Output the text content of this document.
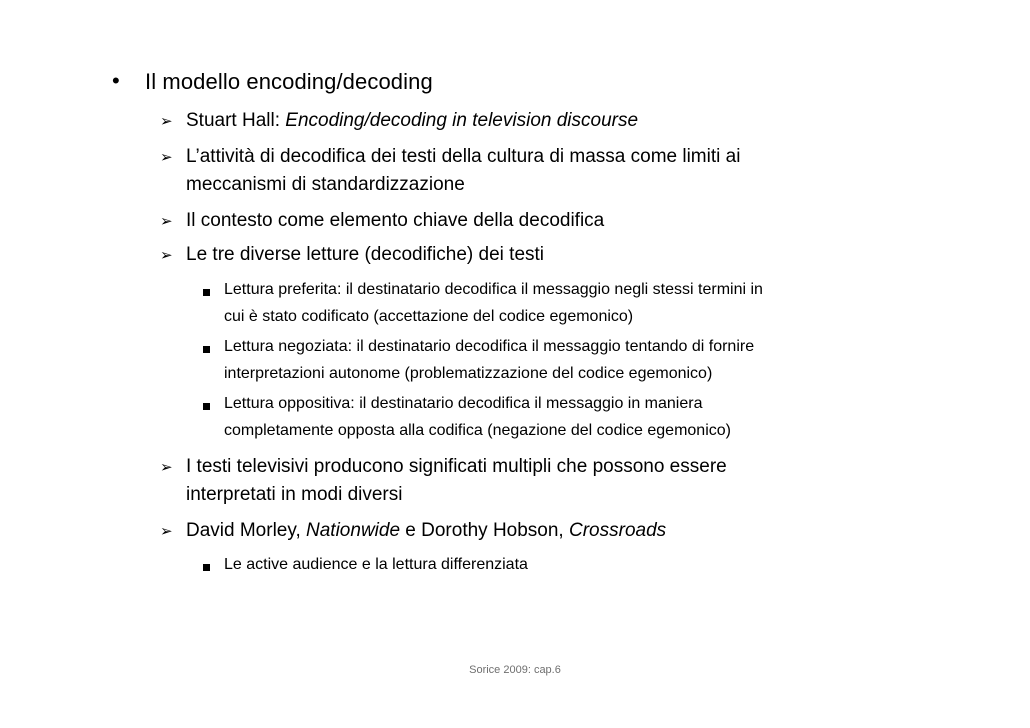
• Il modello encoding/decoding
➢ Stuart Hall: Encoding/decoding in television discourse
➢ L’attività di decodifica dei testi della cultura di massa come limiti ai
meccanismi di standardizzazione
➢ Il contesto come elemento chiave della decodifica
➢ Le tre diverse letture (decodifiche) dei testi
Lettura preferita: il destinatario decodifica il messaggio negli stessi termini in
cui è stato codificato (accettazione del codice egemonico)
Lettura negoziata: il destinatario decodifica il messaggio tentando di fornire
interpretazioni autonome (problematizzazione del codice egemonico)
Lettura oppositiva: il destinatario decodifica il messaggio in maniera
completamente opposta alla codifica (negazione del codice egemonico)
➢ I testi televisivi producono significati multipli che possono essere
interpretati in modi diversi
➢ David Morley, Nationwide e Dorothy Hobson, Crossroads
Le active audience e la lettura differenziata
Sorice 2009: cap.6
